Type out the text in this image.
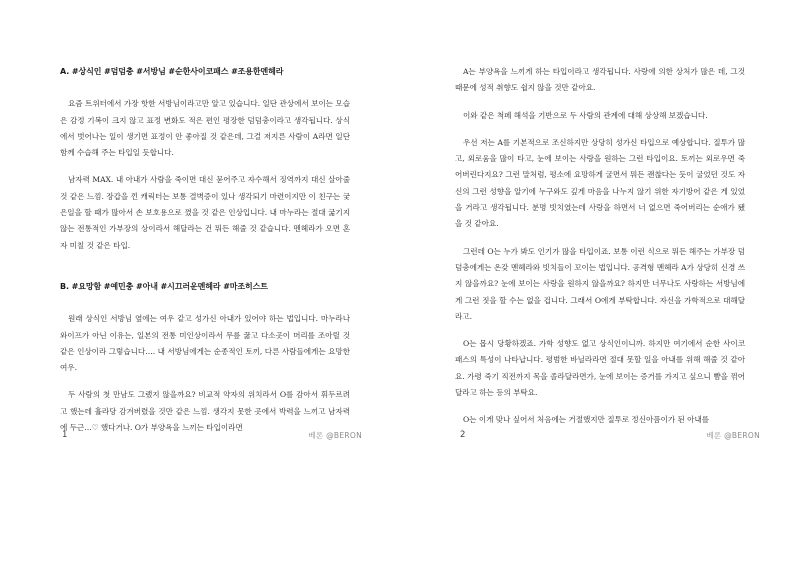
A. #상식인 #덤덤충 #서방님 #순한사이코패스 #조용한멘헤라

요즘 트위터에서 가장 핫한 서방님이라고만 알고 있습니다. 일단 관상에서 보이는 모습은 감정 기복이 크지 않고 표정 변화도 적은 편인 평장한 덤덤충이라고 생각됩니다. 상식에서 벗어나는 일이 생기면 표정이 안 좋아질 것 같은데, 그걸 저지른 사람이 A라면 일단 함께 수습해 주는 타입일 듯합니다.

남자력 MAX. 내 아내가 사람을 죽이면 대신 묻어주고 자수해서 징역까지 대신 살아줄 것 같은 느낌. 장갑을 낀 캐릭터는 보통 결벽증이 있나 생각되기 마련이지만 이 친구는 궂은일을 할 때가 많아서 손 보호용으로 꼈을 것 같은 인상입니다. 내 마누라는 절대 굶기지 않는 전통적인 가부장의 상이라서 해달라는 건 뭐든 해줄 것 같습니다. 멘헤라가 오면 혼자 미칠 것 같은 타입.

B. #요망함 #예민충 #아내 #시끄러운멘헤라 #마조히스트

원래 상식인 서방님 옆에는 여우 같고 성가신 아내가 있어야 하는 법입니다. 마누라나 와이프가 아닌 이유는, 일본의 전통 미인상이라서 무릎 꿇고 다소곳이 머리를 조아릴 것 같은 인상이라 그렇습니다…. 내 서방님에게는 순종적인 토끼, 다른 사람들에게는 요망한 여우.

두 사람의 첫 만남도 그랬지 않을까요? 비교적 약자의 위치라서 O를 감아서 휘두르려고 했는데 휼라당 감겨버렸을 것만 같은 느낌. 생각지 못한 곳에서 박력을 느끼고 남자력에 두근…♡ 했다거나. O가 부양욕을 느끼는 타입이라면

1	베론 @BERON

A는 부양욕을 느끼게 하는 타입이라고 생각됩니다. 사랑에 의한 상처가 많은 데, 그것 때문에 성적 취향도 쉽지 않을 것만 같아요.

이와 같은 척페 해석을 기반으로 두 사람의 관계에 대해 상상해 보겠습니다.

우선 저는 A를 기본적으로 조신하지만 상당히 성가신 타입으로 예상합니다. 질투가 많고, 외로움을 많이 타고, 눈에 보이는 사랑을 원하는 그런 타입이요. 토끼는 외로우면 죽어버린다지요? 그런 말처럼, 평소에 요망하게 굴면서 뭐든 괜찮다는 듯이 굴었던 것도 자신의 그런 성향을 알기에 누구와도 깊게 마음을 나누지 않기 위한 자기방어 같은 게 있었을 거라고 생각됩니다. 분명 빗치였는데 사랑을 하면서 너 없으면 죽어버리는 순애가 됐을 것 같아요.

그런데 O는 누가 봐도 인기가 많을 타입이죠. 보통 이런 식으로 뭐든 해주는 가부장 덤덤충에게는 온갖 멘헤라와 빗치들이 꼬이는 법입니다. 공격형 멘헤라 A가 상당히 신경 쓰지 않을까요? 눈에 보이는 사랑을 원하지 않을까요? 하지만 너무나도 사랑하는 서방님에게 그런 짓을 할 수는 없을 겁니다. 그래서 O에게 부탁합니다. 자신을 가학적으로 대해달라고.

O는 몹시 당황하겠죠. 가학 성향도 없고 상식인이니까. 하지만 여기에서 순한 사이코패스의 특성이 나타납니다. 평범한 바닐라라면 절대 못할 일을 아내를 위해 해줄 것 같아요. 가령 죽기 직전까지 목을 졸라달라면가, 눈에 보이는 증거를 가지고 싶으니 뺨을 꺾어달라고 하는 등의 부탁요.

O는 이게 맞나 싶어서 처음에는 거절했지만 질투로 정신아픔이가 된 아내를

2	베론 @BERON
